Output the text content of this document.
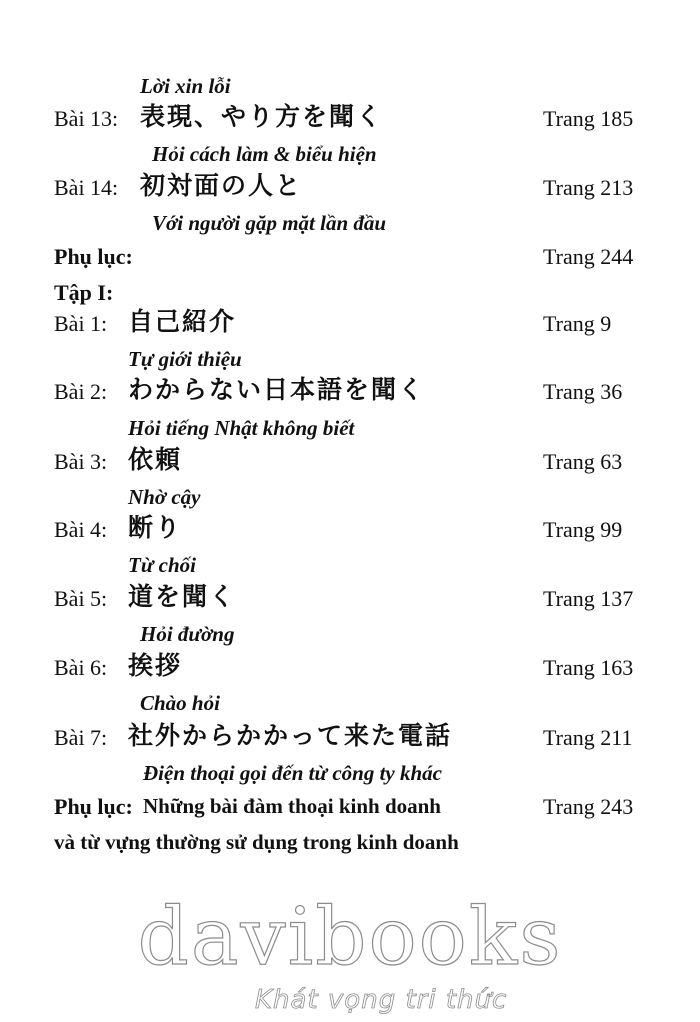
Lời xin lỗi
Bài 13: 表現、やり方を聞く	Trang 185
Hỏi cách làm & biểu hiện
Bài 14: 初対面の人と	Trang 213
Với người gặp mặt lần đầu
Phụ lục:	Trang 244
Tập I:
Bài 1: 自己紹介	Trang 9
Tự giới thiệu
Bài 2: わからない日本語を聞く	Trang 36
Hỏi tiếng Nhật không biết
Bài 3: 依頼	Trang 63
Nhờ cậy
Bài 4: 断り	Trang 99
Từ chối
Bài 5: 道を聞く	Trang 137
Hỏi đường
Bài 6: 挨拶	Trang 163
Chào hỏi
Bài 7: 社外からかかって来た電話	Trang 211
Điện thoại gọi đến từ công ty khác
Phụ lục: Những bài đàm thoại kinh doanh	Trang 243
và từ vựng thường sử dụng trong kinh doanh
davibooks
Khát vọng tri thức
